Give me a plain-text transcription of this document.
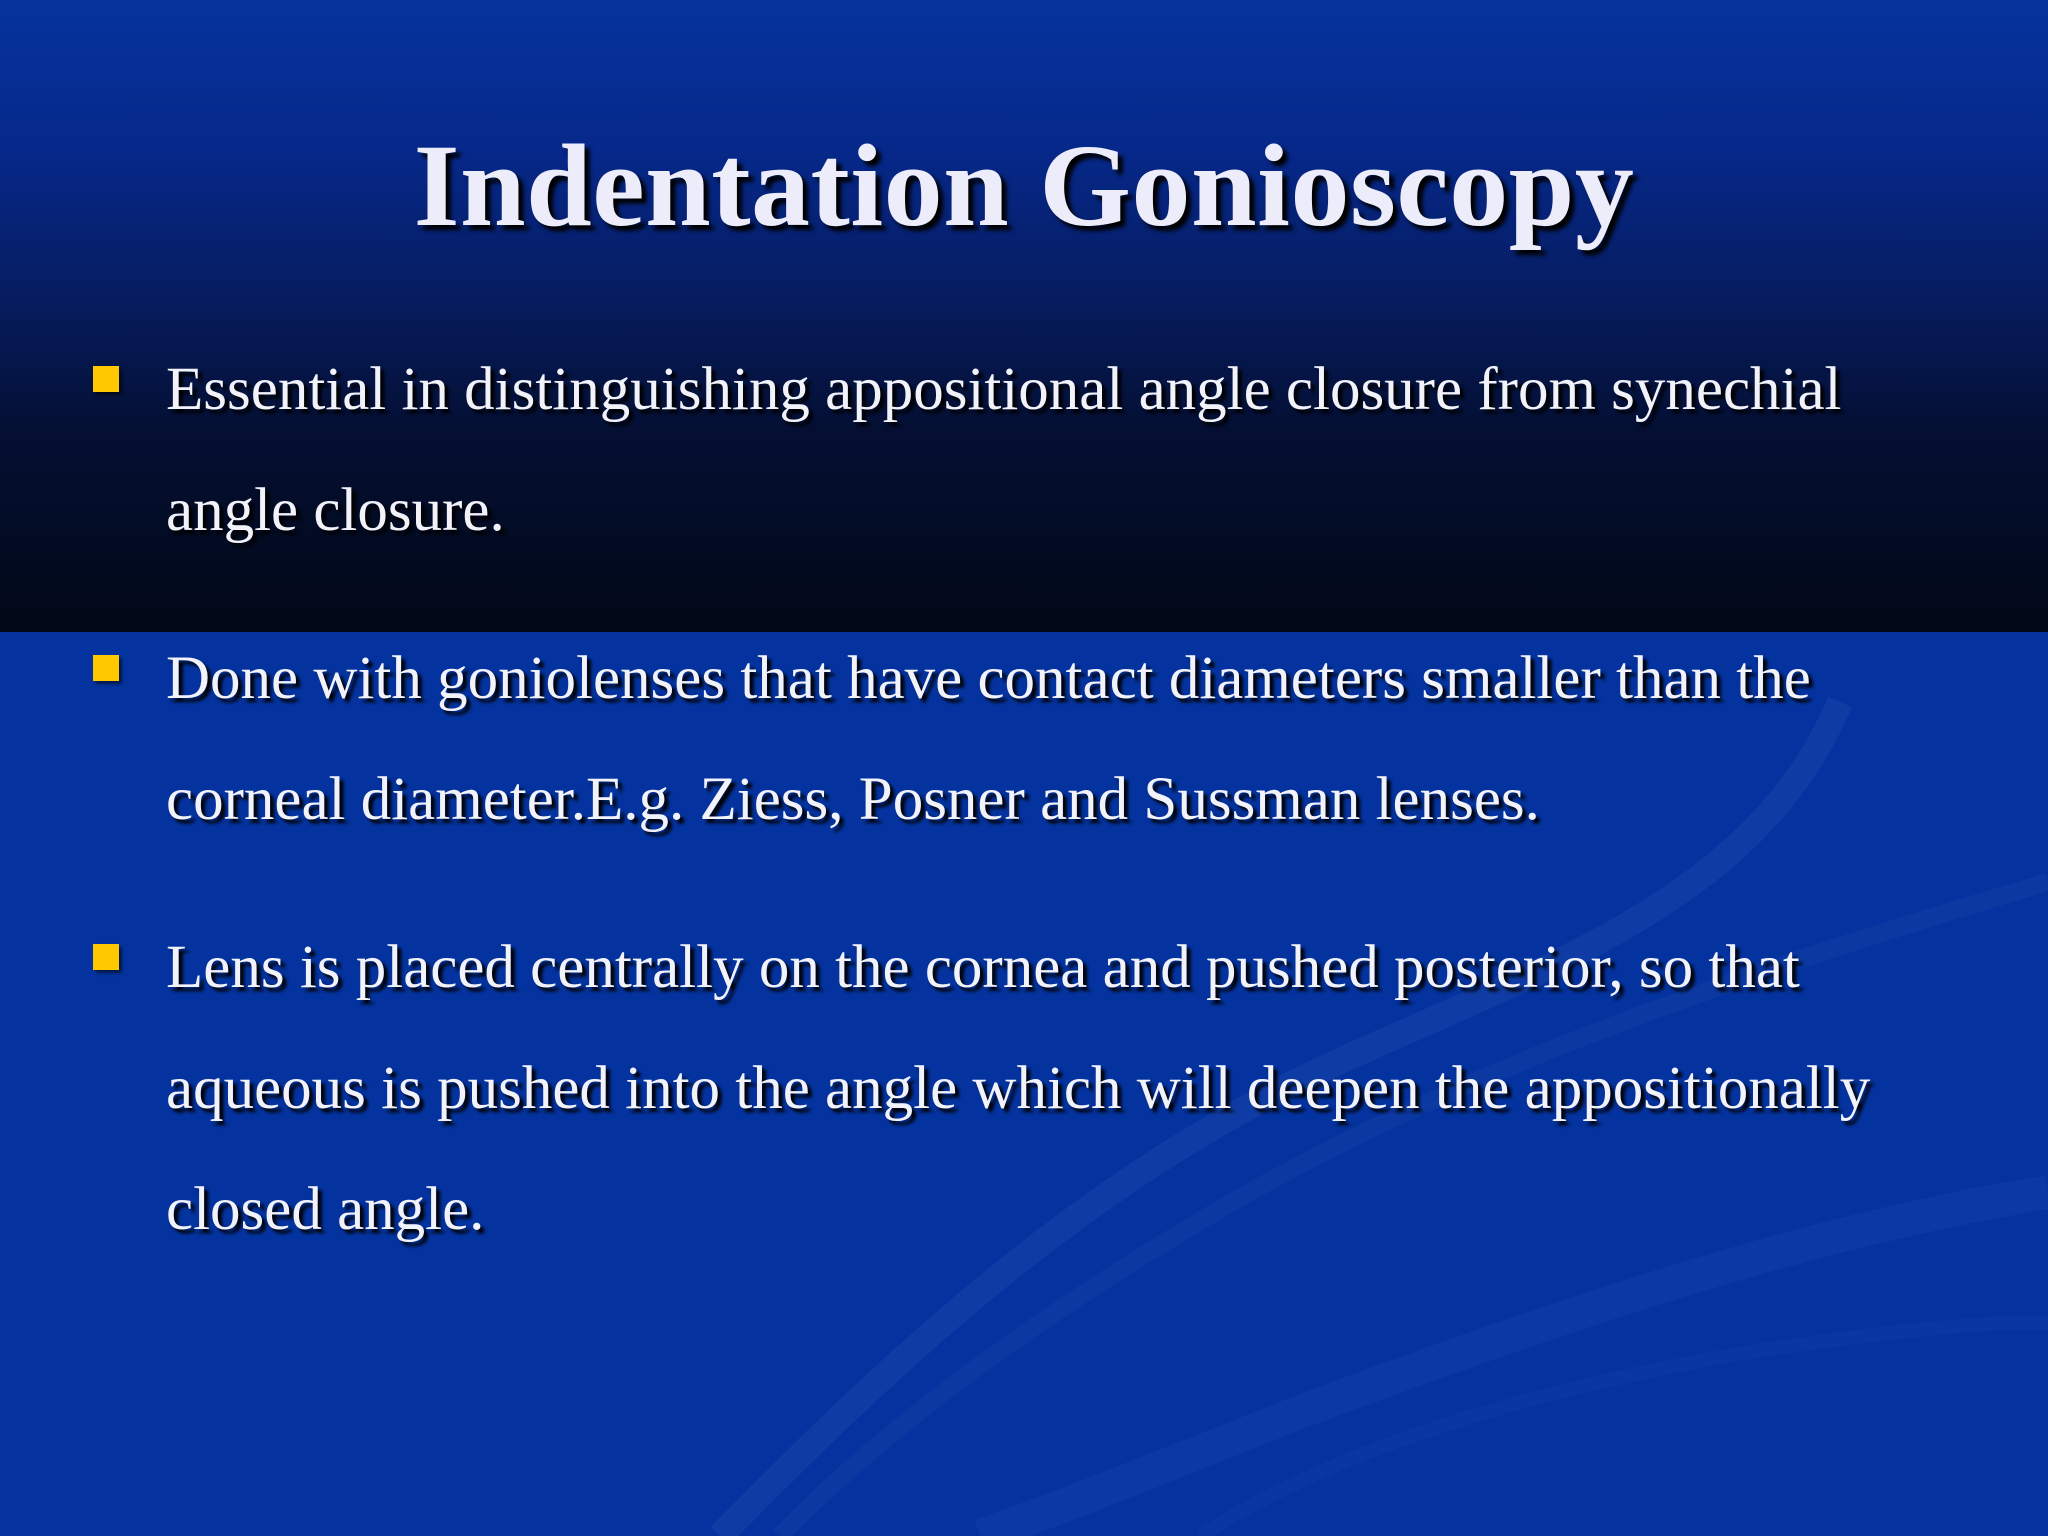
Indentation Gonioscopy
Essential in distinguishing appositional angle closure from synechial
angle closure.
Done with goniolenses that have contact diameters smaller than the
corneal diameter.E.g. Ziess, Posner and Sussman lenses.
Lens is placed centrally on the cornea and pushed posterior, so that
aqueous is pushed into the angle which will deepen the appositionally
closed angle.
